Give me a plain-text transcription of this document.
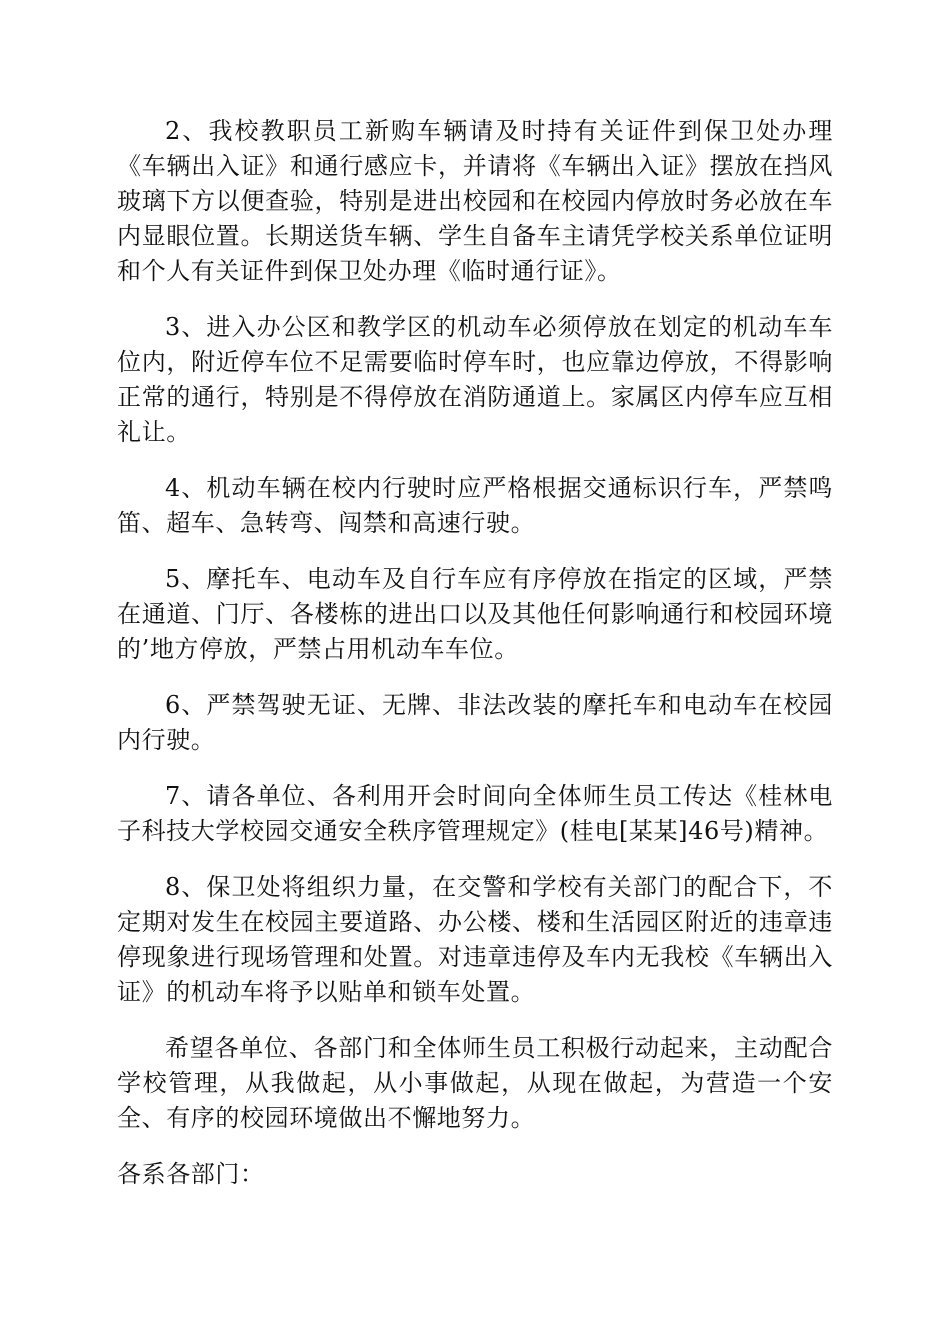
2、我校教职员工新购车辆请及时持有关证件到保卫处办理《车辆出入证》和通行感应卡，并请将《车辆出入证》摆放在挡风玻璃下方以便查验，特别是进出校园和在校园内停放时务必放在车内显眼位置。长期送货车辆、学生自备车主请凭学校关系单位证明和个人有关证件到保卫处办理《临时通行证》。

3、进入办公区和教学区的机动车必须停放在划定的机动车车位内，附近停车位不足需要临时停车时，也应靠边停放，不得影响正常的通行，特别是不得停放在消防通道上。家属区内停车应互相礼让。

4、机动车辆在校内行驶时应严格根据交通标识行车，严禁鸣笛、超车、急转弯、闯禁和高速行驶。

5、摩托车、电动车及自行车应有序停放在指定的区域，严禁在通道、门厅、各楼栋的进出口以及其他任何影响通行和校园环境的’地方停放，严禁占用机动车车位。

6、严禁驾驶无证、无牌、非法改装的摩托车和电动车在校园内行驶。

7、请各单位、各利用开会时间向全体师生员工传达《桂林电子科技大学校园交通安全秩序管理规定》(桂电[某某]46号)精神。

8、保卫处将组织力量，在交警和学校有关部门的配合下，不定期对发生在校园主要道路、办公楼、楼和生活园区附近的违章违停现象进行现场管理和处置。对违章违停及车内无我校《车辆出入证》的机动车将予以贴单和锁车处置。

希望各单位、各部门和全体师生员工积极行动起来，主动配合学校管理，从我做起，从小事做起，从现在做起，为营造一个安全、有序的校园环境做出不懈地努力。

各系各部门：
